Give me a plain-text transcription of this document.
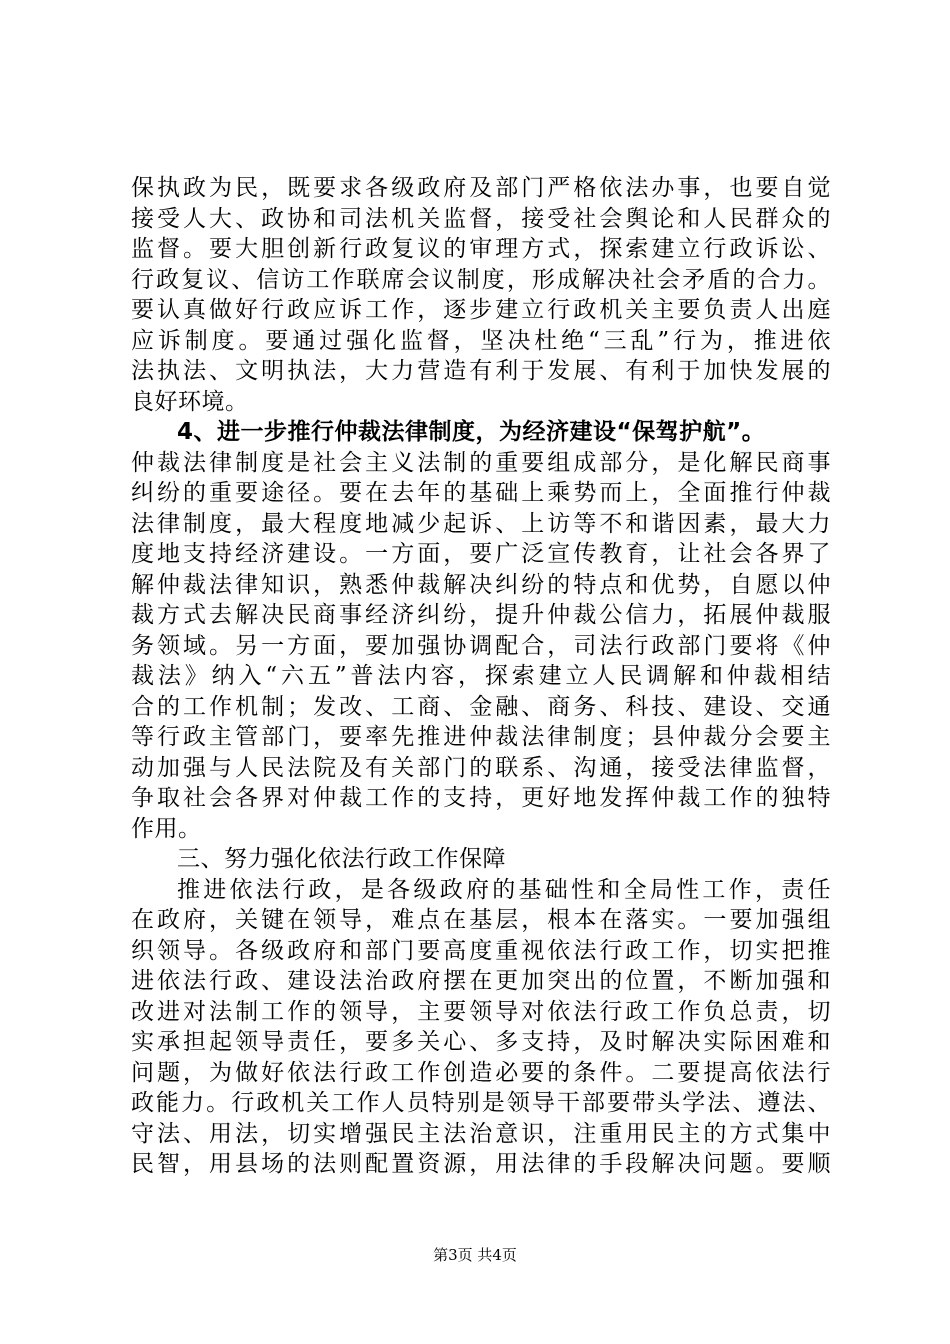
保执政为民，既要求各级政府及部门严格依法办事，也要自觉
接受人大、政协和司法机关监督，接受社会舆论和人民群众的
监督。要大胆创新行政复议的审理方式，探索建立行政诉讼、
行政复议、信访工作联席会议制度，形成解决社会矛盾的合力。
要认真做好行政应诉工作，逐步建立行政机关主要负责人出庭
应诉制度。要通过强化监督，坚决杜绝“三乱”行为，推进依
法执法、文明执法，大力营造有利于发展、有利于加快发展的
良好环境。
4、进一步推行仲裁法律制度，为经济建设“保驾护航”。
仲裁法律制度是社会主义法制的重要组成部分，是化解民商事
纠纷的重要途径。要在去年的基础上乘势而上，全面推行仲裁
法律制度，最大程度地减少起诉、上访等不和谐因素，最大力
度地支持经济建设。一方面，要广泛宣传教育，让社会各界了
解仲裁法律知识，熟悉仲裁解决纠纷的特点和优势，自愿以仲
裁方式去解决民商事经济纠纷，提升仲裁公信力，拓展仲裁服
务领域。另一方面，要加强协调配合，司法行政部门要将《仲
裁法》纳入“六五”普法内容，探索建立人民调解和仲裁相结
合的工作机制；发改、工商、金融、商务、科技、建设、交通
等行政主管部门，要率先推进仲裁法律制度；县仲裁分会要主
动加强与人民法院及有关部门的联系、沟通，接受法律监督，
争取社会各界对仲裁工作的支持，更好地发挥仲裁工作的独特
作用。
三、努力强化依法行政工作保障
推进依法行政，是各级政府的基础性和全局性工作，责任
在政府，关键在领导，难点在基层，根本在落实。一要加强组
织领导。各级政府和部门要高度重视依法行政工作，切实把推
进依法行政、建设法治政府摆在更加突出的位置，不断加强和
改进对法制工作的领导，主要领导对依法行政工作负总责，切
实承担起领导责任，要多关心、多支持，及时解决实际困难和
问题，为做好依法行政工作创造必要的条件。二要提高依法行
政能力。行政机关工作人员特别是领导干部要带头学法、遵法、
守法、用法，切实增强民主法治意识，注重用民主的方式集中
民智，用县场的法则配置资源，用法律的手段解决问题。要顺
第3页 共4页
